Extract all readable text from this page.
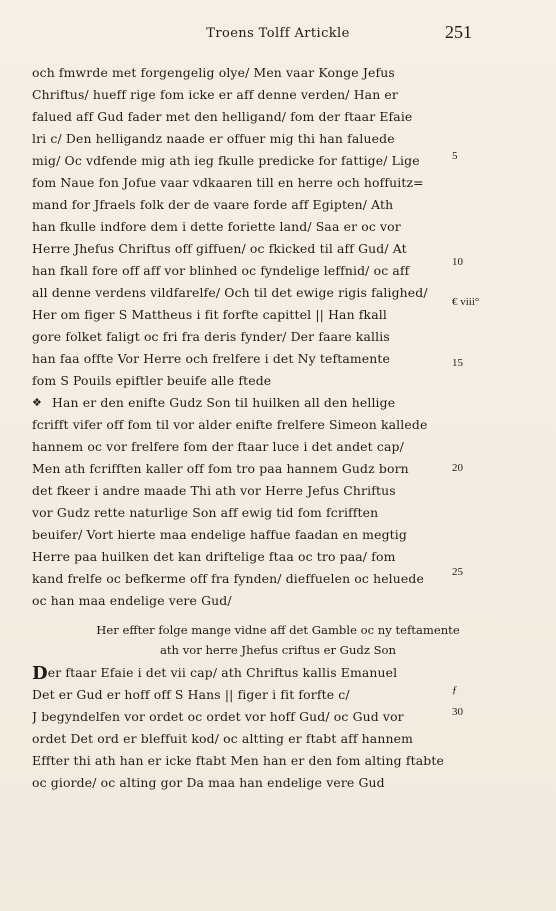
Troens Tolff Artickle	251
och fmwrde met forgengelig olye/ Men vaar Konge Jefus
Chriftus/ hueff rige fom icke er aff denne verden/ Han er
falued aff Gud fader met den helligand/ fom der ftaar Efaie
lri c/ Den helligandz naade er offuer mig thi han faluede
mig/ Oc vdfende mig ath ieg fkulle predicke for fattige/ Lige
fom Naue fon Jofue vaar vdkaaren till en herre och hoffuitz=
mand for Jfraels folk der de vaare forde aff Egipten/ Ath
han fkulle indfore dem i dette foriette land/ Saa er oc vor
Herre Jhefus Chriftus off giffuen/ oc fkicked til aff Gud/ At
han fkall fore off aff vor blinhed oc fyndelige leffnid/ oc aff
all denne verdens vildfarelfe/ Och til det ewige rigis falighed/
Her om figer S Mattheus i fit forfte capittel || Han fkall
gore folket faligt oc fri fra deris fynder/ Der faare kallis
han faa offte Vor Herre och frelfere i det Ny teftamente
fom S Pouils epiftler beuife alle ftede
❖ Han er den enifte Gudz Son til huilken all den hellige
fcrifft vifer off fom til vor alder enifte frelfere Simeon kallede
hannem oc vor frelfere fom der ftaar luce i det andet cap/
Men ath fcrifften kaller off fom tro paa hannem Gudz born
det fkeer i andre maade Thi ath vor Herre Jefus Chriftus
vor Gudz rette naturlige Son aff ewig tid fom fcrifften
beuifer/ Vort hierte maa endelige haffue faadan en megtig
Herre paa huilken det kan driftelige ftaa oc tro paa/ fom
kand frelfe oc befkerme off fra fynden/ dieffuelen oc heluede
oc han maa endelige vere Gud/
5
10
€ viii°
15
20
25
Her effter folge mange vidne aff det Gamble oc ny teftamente
ath vor herre Jhefus criftus er Gudz Son
Der ftaar Efaie i det vii cap/ ath Chriftus kallis Emanuel
Det er Gud er hoff off S Hans || figer i fit forfte c/
J begyndelfen vor ordet oc ordet vor hoff Gud/ oc Gud vor
ordet Det ord er bleffuit kod/ oc altting er ftabt aff hannem
Effter thi ath han er icke ftabt Men han er den fom alting ftabte
oc giorde/ oc alting gor Da maa han endelige vere Gud
ƒ
30
